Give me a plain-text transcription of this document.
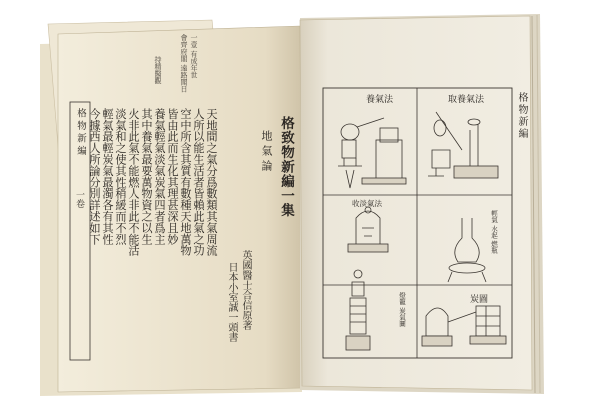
一壹 有成年世
會齊府閣 遠路聞日
持精醫觀
格物新編
一卷	格致物新編一集
地氣論
英國醫士合信原著
日本小室誠一頭書
天地間之氣分爲數類其氣周流
人所以能生活者皆賴此氣之功
空中所含其質有數種天地萬物
皆由此而生化其理甚深且妙
養氣輕氣淡氣炭氣四者爲主
其中養氣最要萬物資之以生
火非此氣不能燃人非此不能活
淡氣和之使其性稍緩而不烈
輕氣最輕炭氣最濁各有其性
今據西人所論分別詳述如下	格物新編
養氣法	取養氣法
收淡氣法
輕氣 水起 燃瓶
燈籠 炭氣圖	炭圖
